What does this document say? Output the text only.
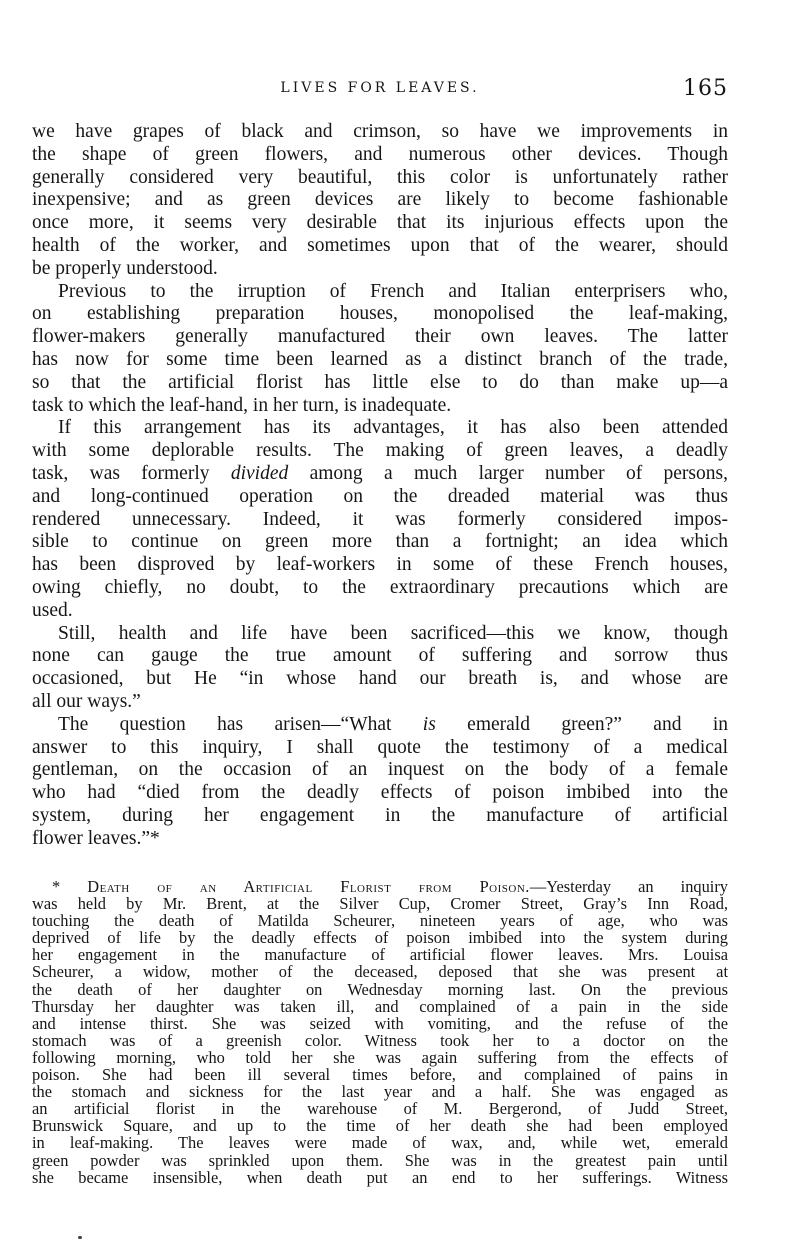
LIVES FOR LEAVES.	165
we have grapes of black and crimson, so have we improvements in
the shape of green flowers, and numerous other devices. Though
generally considered very beautiful, this color is unfortunately rather
inexpensive; and as green devices are likely to become fashionable
once more, it seems very desirable that its injurious effects upon the
health of the worker, and sometimes upon that of the wearer, should
be properly understood.
Previous to the irruption of French and Italian enterprisers who,
on establishing preparation houses, monopolised the leaf-making,
flower-makers generally manufactured their own leaves. The latter
has now for some time been learned as a distinct branch of the trade,
so that the artificial florist has little else to do than make up—a
task to which the leaf-hand, in her turn, is inadequate.
If this arrangement has its advantages, it has also been attended
with some deplorable results. The making of green leaves, a deadly
task, was formerly divided among a much larger number of persons,
and long-continued operation on the dreaded material was thus
rendered unnecessary. Indeed, it was formerly considered impos-
sible to continue on green more than a fortnight; an idea which
has been disproved by leaf-workers in some of these French houses,
owing chiefly, no doubt, to the extraordinary precautions which are
used.
Still, health and life have been sacrificed—this we know, though
none can gauge the true amount of suffering and sorrow thus
occasioned, but He “in whose hand our breath is, and whose are
all our ways.”
The question has arisen—“What is emerald green?” and in
answer to this inquiry, I shall quote the testimony of a medical
gentleman, on the occasion of an inquest on the body of a female
who had “died from the deadly effects of poison imbibed into the
system, during her engagement in the manufacture of artificial
flower leaves.”*
* Death of an Artificial Florist from Poison.—Yesterday an inquiry
was held by Mr. Brent, at the Silver Cup, Cromer Street, Gray’s Inn Road,
touching the death of Matilda Scheurer, nineteen years of age, who was
deprived of life by the deadly effects of poison imbibed into the system during
her engagement in the manufacture of artificial flower leaves. Mrs. Louisa
Scheurer, a widow, mother of the deceased, deposed that she was present at
the death of her daughter on Wednesday morning last. On the previous
Thursday her daughter was taken ill, and complained of a pain in the side
and intense thirst. She was seized with vomiting, and the refuse of the
stomach was of a greenish color. Witness took her to a doctor on the
following morning, who told her she was again suffering from the effects of
poison. She had been ill several times before, and complained of pains in
the stomach and sickness for the last year and a half. She was engaged as
an artificial florist in the warehouse of M. Bergerond, of Judd Street,
Brunswick Square, and up to the time of her death she had been employed
in leaf-making. The leaves were made of wax, and, while wet, emerald
green powder was sprinkled upon them. She was in the greatest pain until
she became insensible, when death put an end to her sufferings. Witness
